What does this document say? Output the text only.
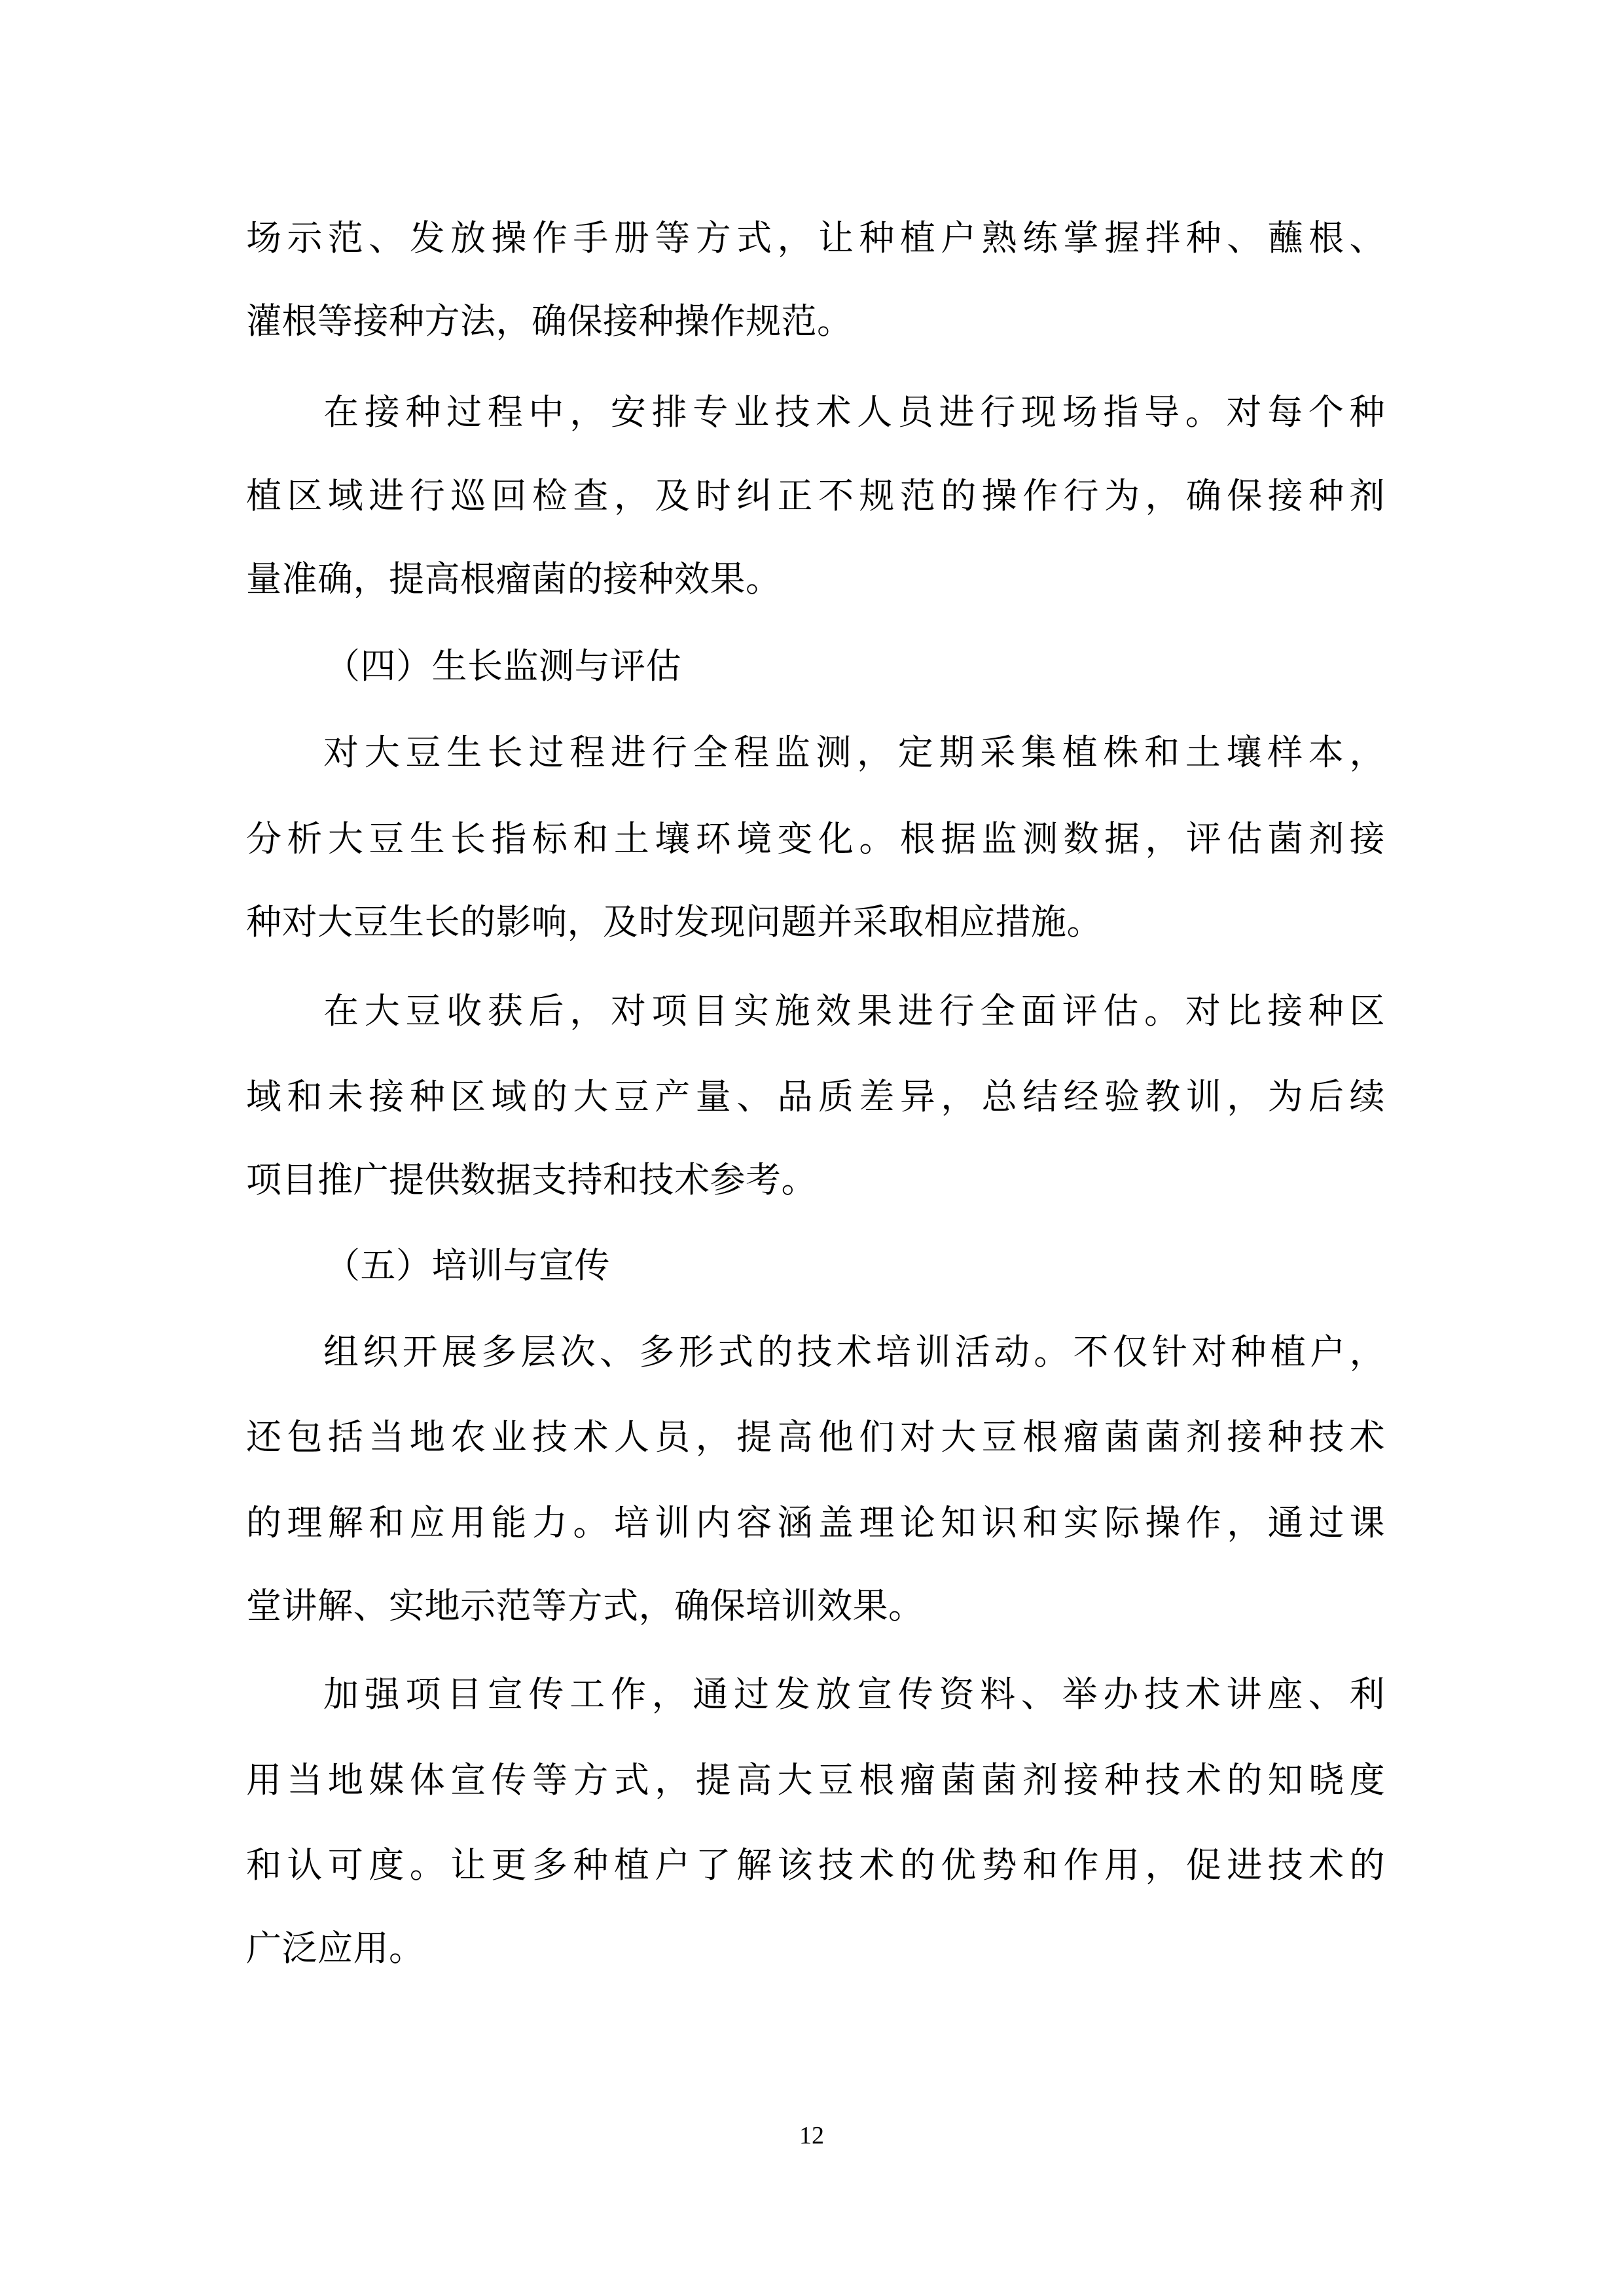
场示范、发放操作手册等方式，让种植户熟练掌握拌种、蘸根、
灌根等接种方法，确保接种操作规范。
在接种过程中，安排专业技术人员进行现场指导。对每个种
植区域进行巡回检查，及时纠正不规范的操作行为，确保接种剂
量准确，提高根瘤菌的接种效果。
（四）生长监测与评估
对大豆生长过程进行全程监测，定期采集植株和土壤样本，
分析大豆生长指标和土壤环境变化。根据监测数据，评估菌剂接
种对大豆生长的影响，及时发现问题并采取相应措施。
在大豆收获后，对项目实施效果进行全面评估。对比接种区
域和未接种区域的大豆产量、品质差异，总结经验教训，为后续
项目推广提供数据支持和技术参考。
（五）培训与宣传
组织开展多层次、多形式的技术培训活动。不仅针对种植户，
还包括当地农业技术人员，提高他们对大豆根瘤菌菌剂接种技术
的理解和应用能力。培训内容涵盖理论知识和实际操作，通过课
堂讲解、实地示范等方式，确保培训效果。
加强项目宣传工作，通过发放宣传资料、举办技术讲座、利
用当地媒体宣传等方式，提高大豆根瘤菌菌剂接种技术的知晓度
和认可度。让更多种植户了解该技术的优势和作用，促进技术的
广泛应用。
12
